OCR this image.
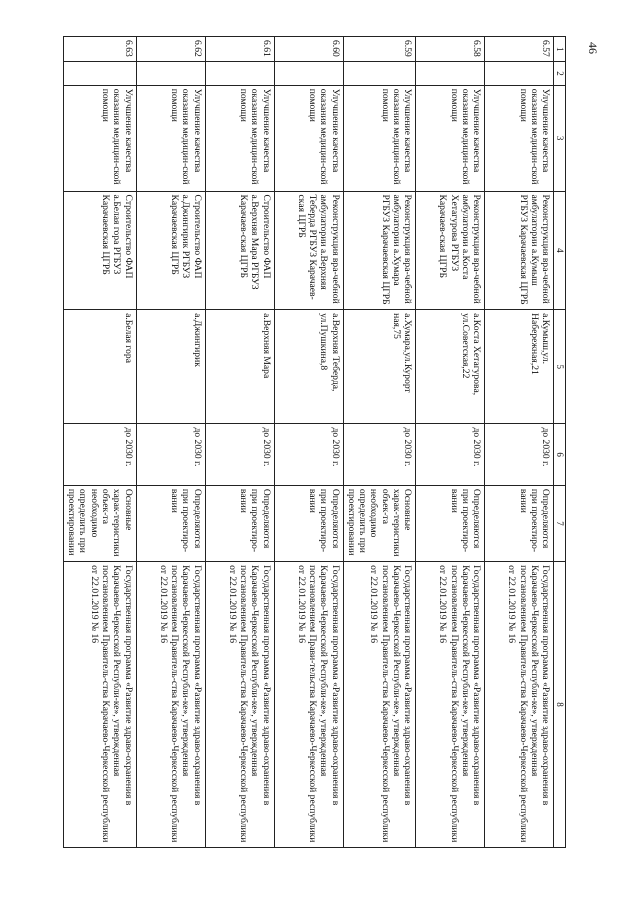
46
1	2	3	4	5	6	7	8
6.57		Улучшение качества оказания медицин-ской помощи	Реконструкция вра-чебной амбулатории а.Кумыш РГБУЗ Карачаевская ЦГРБ	а.Кумыш,ул. Набережная,21	до 2030 г.	Определяются при проектиро-вании	Государственная программа «Развитие здраво-охранения в Карачаево-Черкесской Республи-ке», утвержденная постановлением Правитель-ства Карачаево-Черкесской республики от 22.01.2019 № 16
6.58		Улучшение качества оказания медицин-ской помощи	Реконструкция вра-чебной амбулатории а.Коста Хетагурова РГБУЗ Карачаев-ская ЦГРБ	а.Коста Хетагурова, ул.Советская,22	до 2030 г.	Определяются при проектиро-вании	Государственная программа «Развитие здраво-охранения в Карачаево-Черкесской Республи-ке», утвержденная постановлением Правитель-ства Карачаево-Черкесской республики от 22.01.2019 № 16
6.59		Улучшение качества оказания медицин-ской помощи	Реконструкция вра-чебной амбулатории а.Хумара РГБУЗ Карачаевская ЦГРБ	а.Хумара,ул.Курорт ная,75	до 2030 г.	Основные харак-теристики объек-та необходимо определить при проектировании	Государственная программа «Развитие здраво-охранения в Карачаево-Черкесской Республи-ке», утвержденная постановлением Правитель-ства Карачаево-Черкесской республики от 22.01.2019 № 16
6.60		Улучшение качества оказания медицин-ской помощи	Реконструкция вра-чебной амбулатории а.Верхняя Теберда РГБУЗ Карачаев-ская ЦГРБ	а.Верхняя Теберда, ул.Пушкина,8	до 2030 г.	Определяются при проектиро-вании	Государственная программа «Развитие здраво-охранения в Карачаево-Черкесской Республи-ке», утвержденная постановлением Прави-тельства Карачаево-Черкесской республики от 22.01.2019 № 16
6.61		Улучшение качества оказания медицин-ской помощи	Строительство ФАП а.Верхняя Мара РГБУЗ Карачаев-ская ЦГРБ	а.Верхняя Мара	до 2030 г.	Определяются при проектиро-вании	Государственная программа «Развитие здраво-охранения в Карачаево-Черкесской Республи-ке», утвержденная постановлением Правитель-ства Карачаево-Черкесской республики от 22.01.2019 № 16
6.62		Улучшение качества оказания медицин-ской помощи	Строительство ФАП а.Джингирик РГБУЗ Карачаевская ЦГРБ	а.Джингирик	до 2030 г.	Определяются при проектиро-вании	Государственная программа «Развитие здраво-охранения в Карачаево-Черкесской Республи-ке», утвержденная постановлением Правитель-ства Карачаево-Черкесской республики от 22.01.2019 № 16
6.63		Улучшение качества оказания медицин-ской помощи	Строительство ФАП а.Белая гора РГБУЗ Карачаевская ЦГРБ	а.Белая гора	до 2030 г.	Основные харак-теристики объек-та необходимо определить при проектировании	Государственная программа «Развитие здраво-охранения в Карачаево-Черкесской Республи-ке», утвержденная постановлением Правитель-ства Карачаево-Черкесской республики от 22.01.2019 № 16
